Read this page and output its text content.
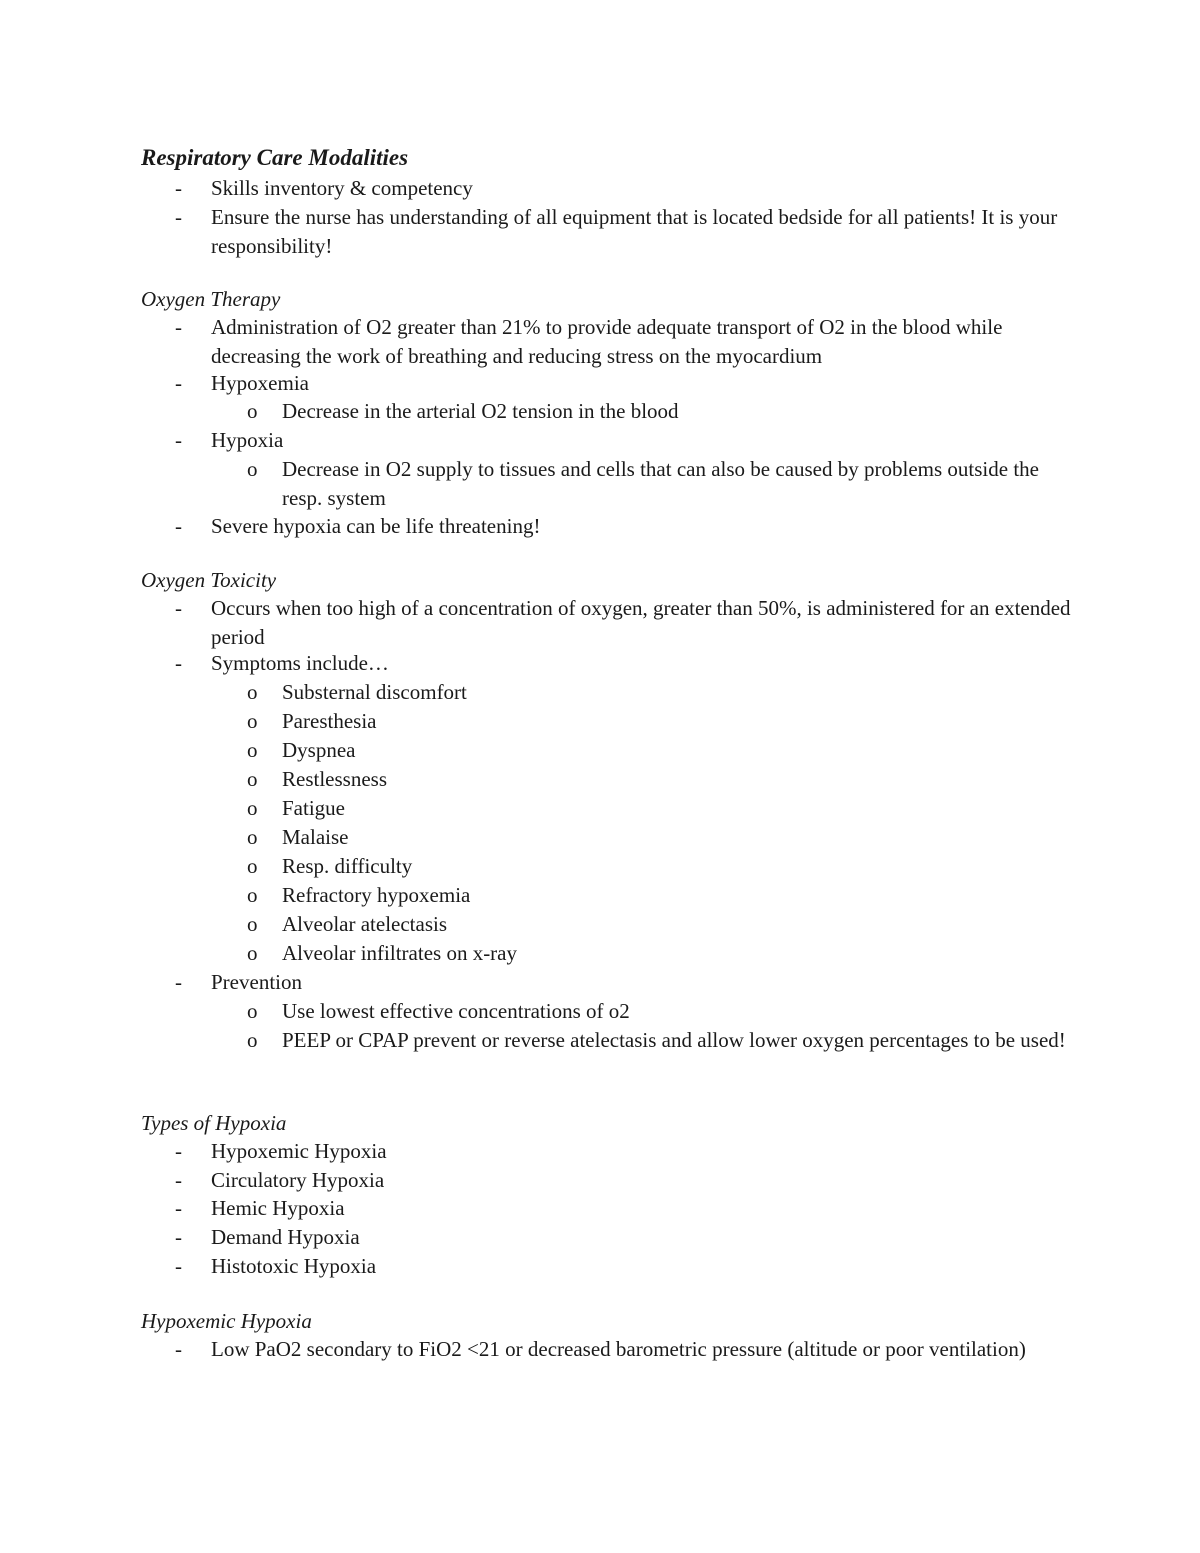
Respiratory Care Modalities
-	Skills inventory & competency
-	Ensure the nurse has understanding of all equipment that is located bedside for all patients! It is your responsibility!
Oxygen Therapy
-	Administration of O2 greater than 21% to provide adequate transport of O2 in the blood while decreasing the work of breathing and reducing stress on the myocardium
-	Hypoxemia
o	Decrease in the arterial O2 tension in the blood
-	Hypoxia
o	Decrease in O2 supply to tissues and cells that can also be caused by problems outside the resp. system
-	Severe hypoxia can be life threatening!
Oxygen Toxicity
-	Occurs when too high of a concentration of oxygen, greater than 50%, is administered for an extended period
-	Symptoms include…
o	Substernal discomfort
o	Paresthesia
o	Dyspnea
o	Restlessness
o	Fatigue
o	Malaise
o	Resp. difficulty
o	Refractory hypoxemia
o	Alveolar atelectasis
o	Alveolar infiltrates on x-ray
-	Prevention
o	Use lowest effective concentrations of o2
o	PEEP or CPAP prevent or reverse atelectasis and allow lower oxygen percentages to be used!
Types of Hypoxia
-	Hypoxemic Hypoxia
-	Circulatory Hypoxia
-	Hemic Hypoxia
-	Demand Hypoxia
-	Histotoxic Hypoxia
Hypoxemic Hypoxia
-	Low PaO2 secondary to FiO2 <21 or decreased barometric pressure (altitude or poor ventilation)
